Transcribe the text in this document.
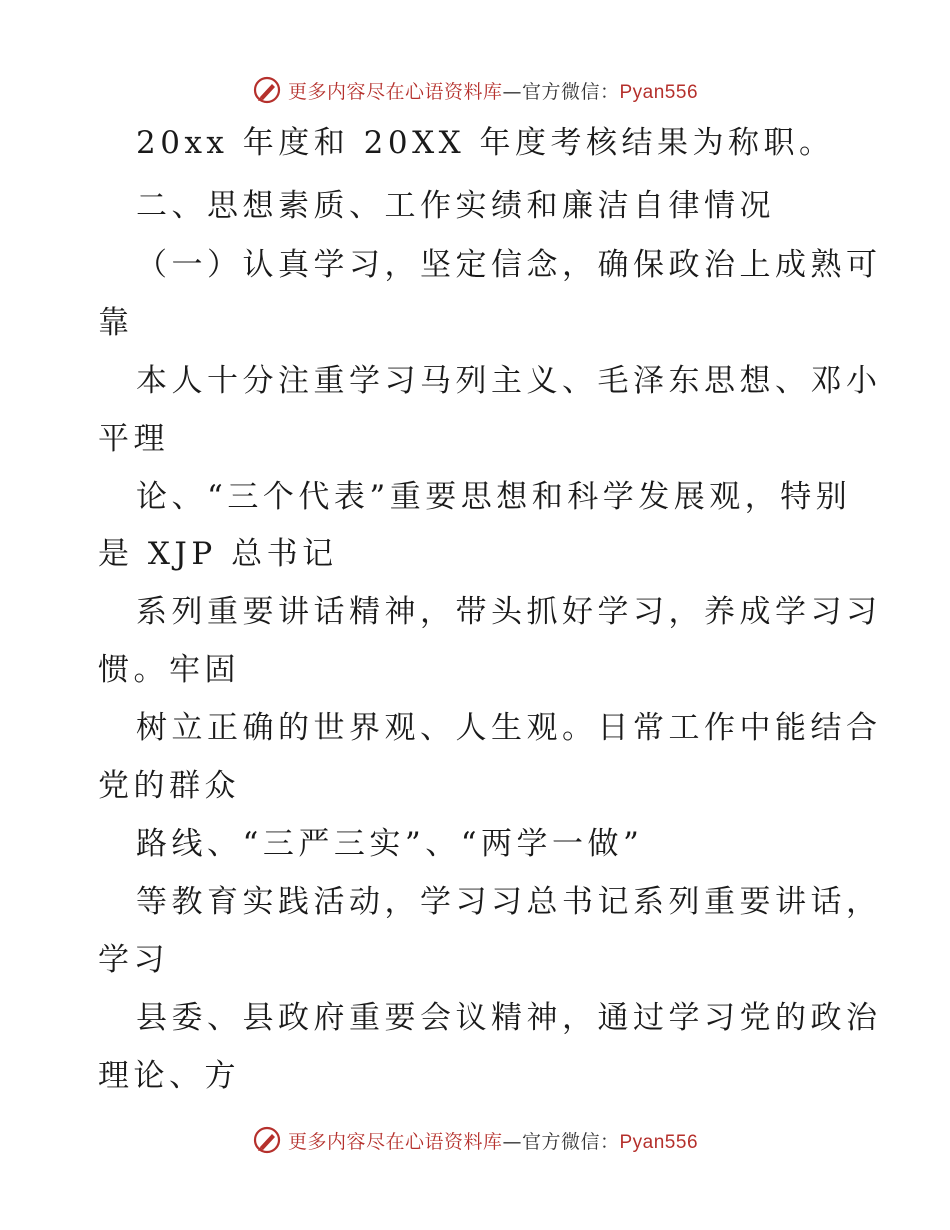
更多内容尽在心语资料库—官方微信：Pyan556
20xx 年度和 20XX 年度考核结果为称职。
二、思想素质、工作实绩和廉洁自律情况
（一）认真学习，坚定信念，确保政治上成熟可
靠
本人十分注重学习马列主义、毛泽东思想、邓小
平理
论、“三个代表”重要思想和科学发展观，特别
是 XJP 总书记
系列重要讲话精神，带头抓好学习，养成学习习
惯。牢固
树立正确的世界观、人生观。日常工作中能结合
党的群众
路线、“三严三实”、“两学一做”
等教育实践活动，学习习总书记系列重要讲话，
学习
县委、县政府重要会议精神，通过学习党的政治
理论、方
更多内容尽在心语资料库—官方微信：Pyan556
